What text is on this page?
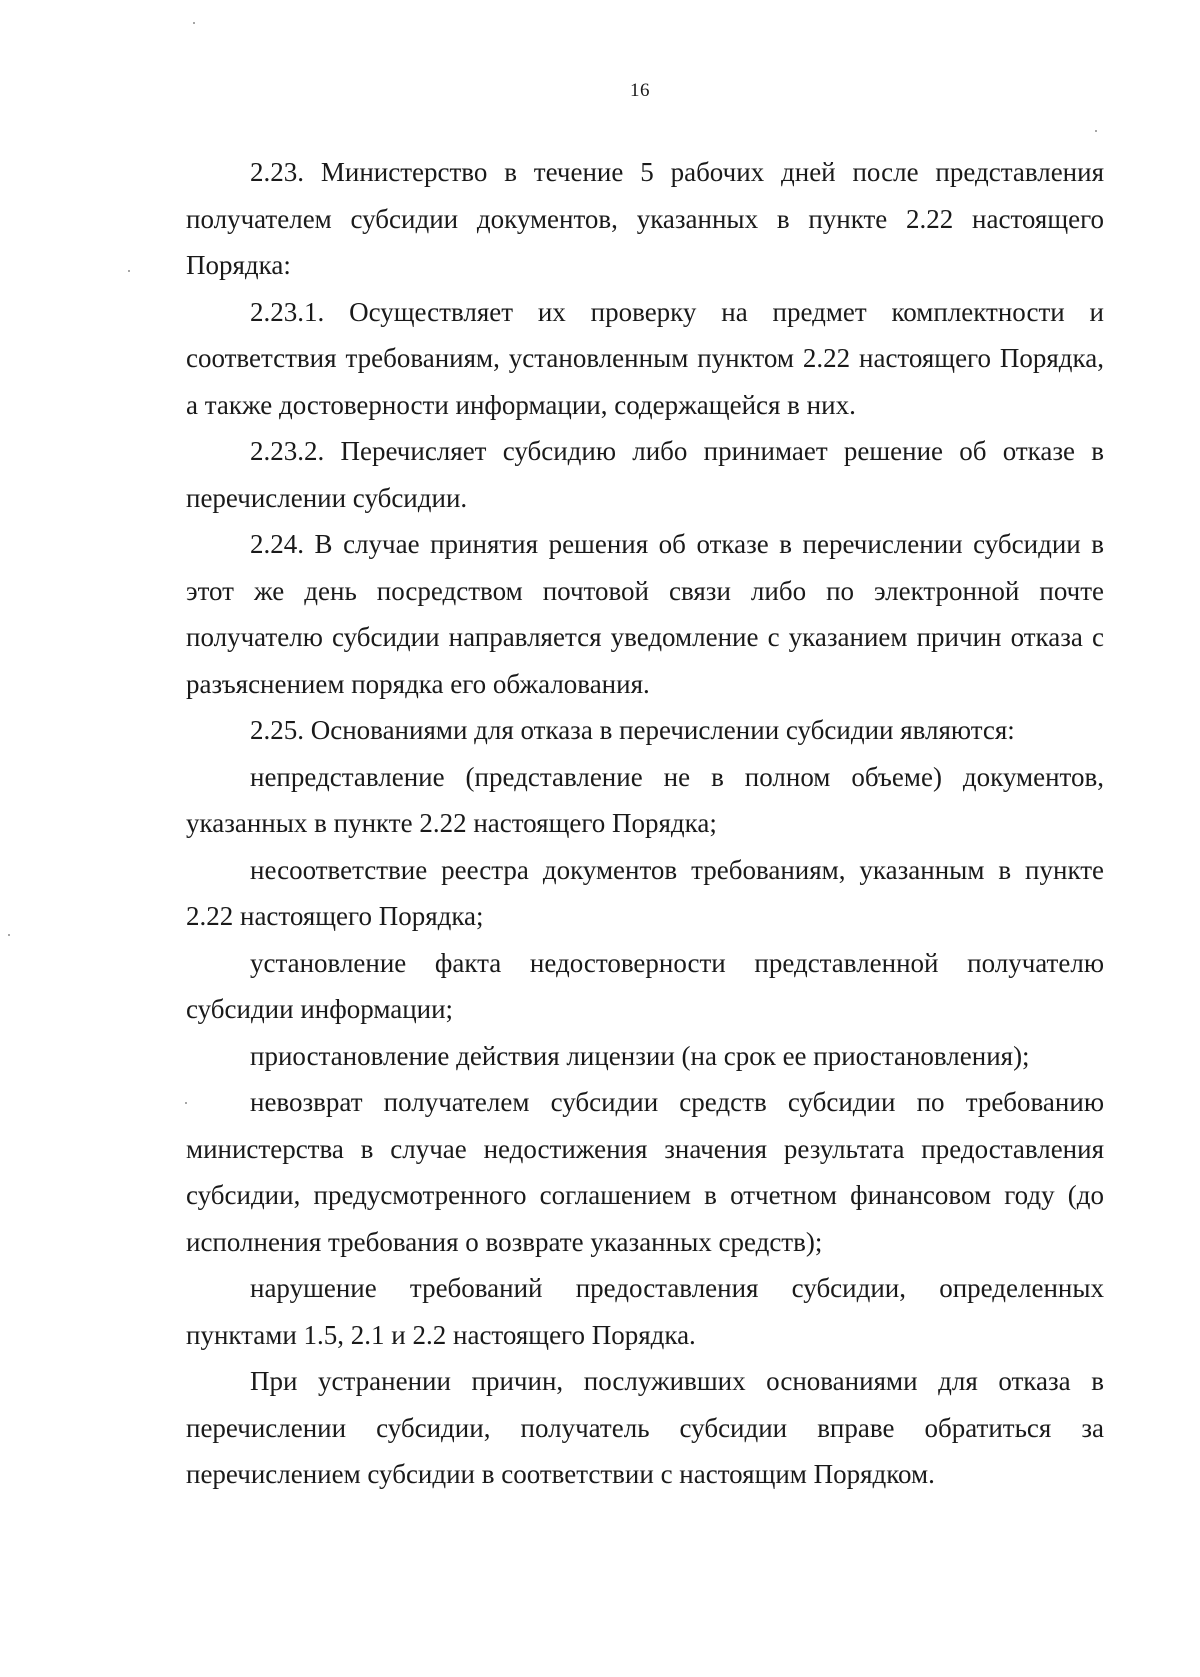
16

2.23. Министерство в течение 5 рабочих дней после представления получателем субсидии документов, указанных в пункте 2.22 настоящего Порядка:

2.23.1. Осуществляет их проверку на предмет комплектности и соответствия требованиям, установленным пунктом 2.22 настоящего Порядка, а также достоверности информации, содержащейся в них.

2.23.2. Перечисляет субсидию либо принимает решение об отказе в перечислении субсидии.

2.24. В случае принятия решения об отказе в перечислении субсидии в этот же день посредством почтовой связи либо по электронной почте получателю субсидии направляется уведомление с указанием причин отказа с разъяснением порядка его обжалования.

2.25. Основаниями для отказа в перечислении субсидии являются:

непредставление (представление не в полном объеме) документов, указанных в пункте 2.22 настоящего Порядка;

несоответствие реестра документов требованиям, указанным в пункте 2.22 настоящего Порядка;

установление факта недостоверности представленной получателю субсидии информации;

приостановление действия лицензии (на срок ее приостановления);

невозврат получателем субсидии средств субсидии по требованию министерства в случае недостижения значения результата предоставления субсидии, предусмотренного соглашением в отчетном финансовом году (до исполнения требования о возврате указанных средств);

нарушение требований предоставления субсидии, определенных пунктами 1.5, 2.1 и 2.2 настоящего Порядка.

При устранении причин, послуживших основаниями для отказа в перечислении субсидии, получатель субсидии вправе обратиться за перечислением субсидии в соответствии с настоящим Порядком.
